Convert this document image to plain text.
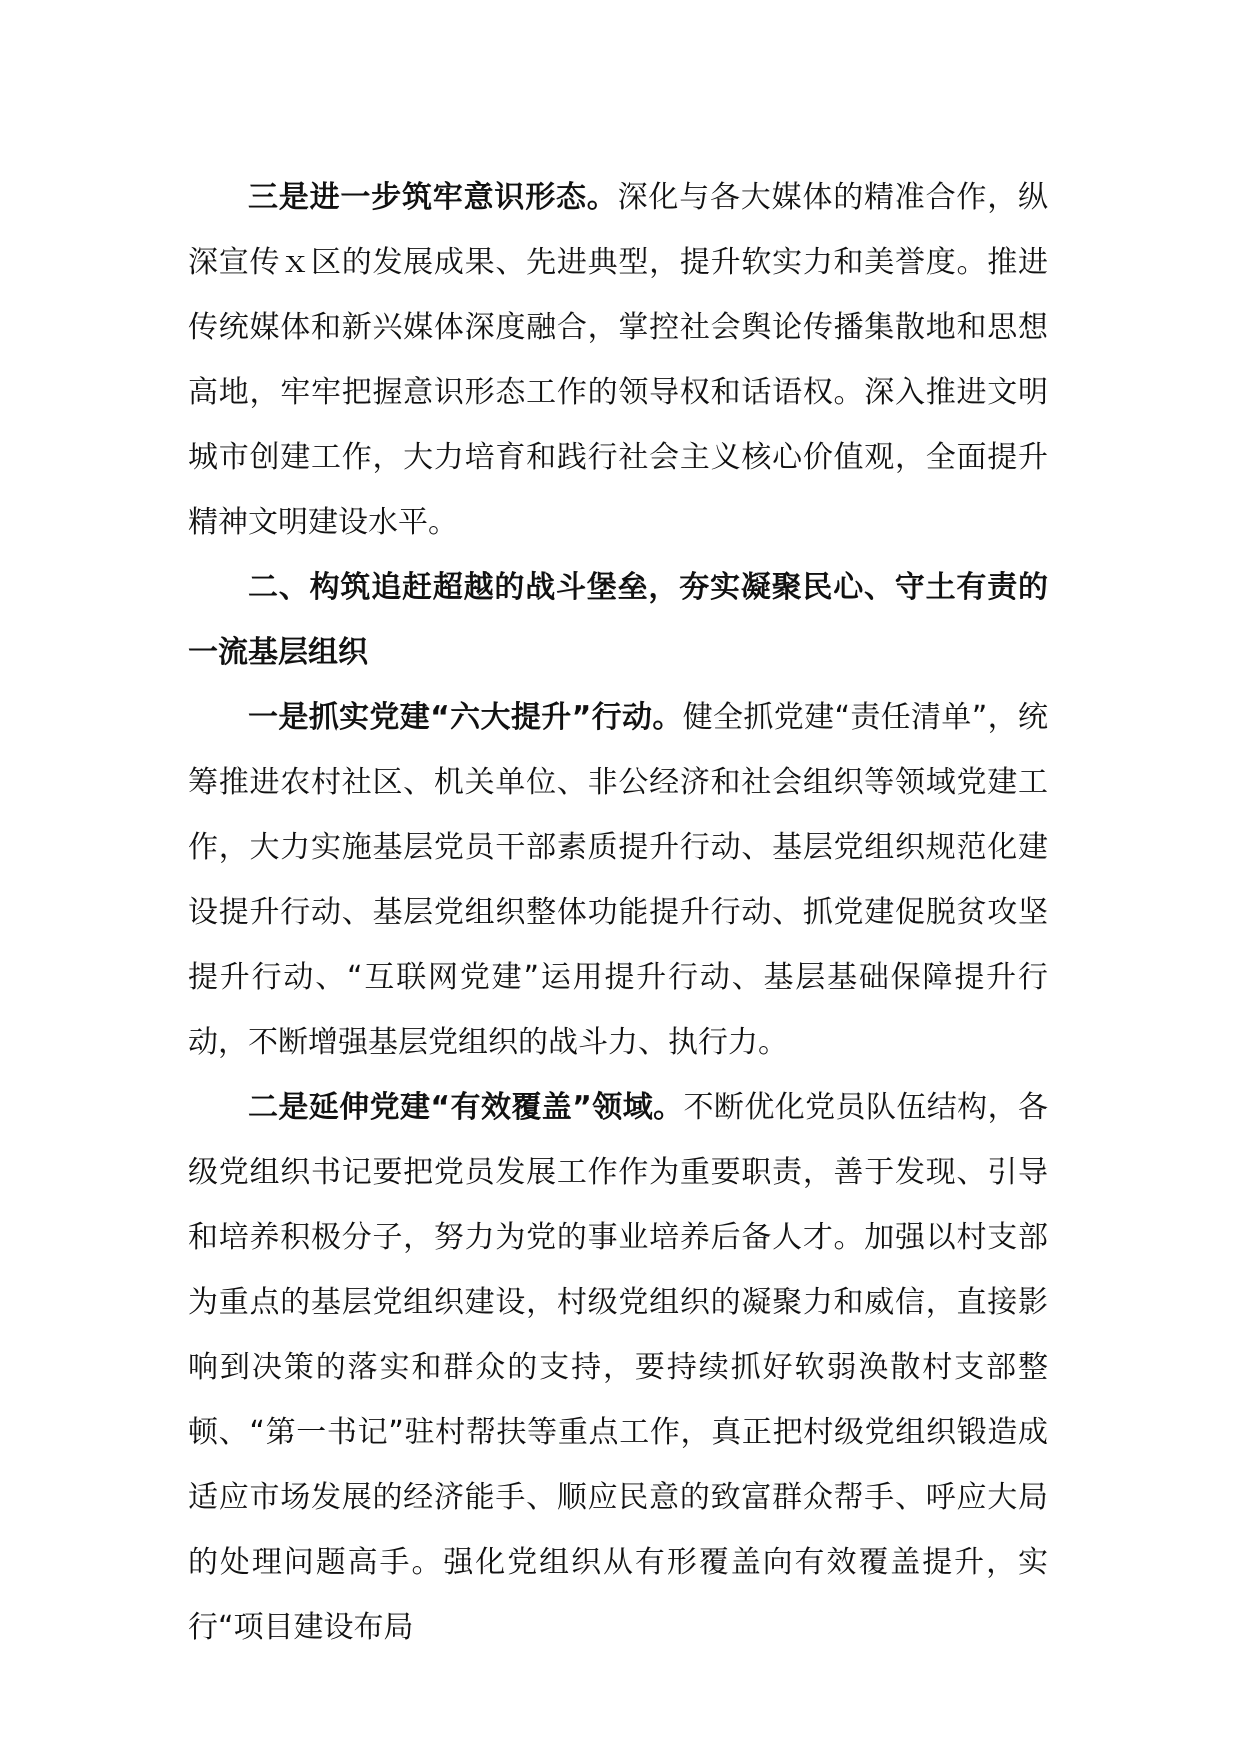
三是进一步筑牢意识形态。深化与各大媒体的精准合作，纵深宣传ｘ区的发展成果、先进典型，提升软实力和美誉度。推进传统媒体和新兴媒体深度融合，掌控社会舆论传播集散地和思想高地，牢牢把握意识形态工作的领导权和话语权。深入推进文明城市创建工作，大力培育和践行社会主义核心价值观，全面提升精神文明建设水平。

二、构筑追赶超越的战斗堡垒，夯实凝聚民心、守土有责的一流基层组织

一是抓实党建“六大提升”行动。健全抓党建“责任清单”，统筹推进农村社区、机关单位、非公经济和社会组织等领域党建工作，大力实施基层党员干部素质提升行动、基层党组织规范化建设提升行动、基层党组织整体功能提升行动、抓党建促脱贫攻坚提升行动、“互联网党建”运用提升行动、基层基础保障提升行动，不断增强基层党组织的战斗力、执行力。

二是延伸党建“有效覆盖”领域。不断优化党员队伍结构，各级党组织书记要把党员发展工作作为重要职责，善于发现、引导和培养积极分子，努力为党的事业培养后备人才。加强以村支部为重点的基层党组织建设，村级党组织的凝聚力和威信，直接影响到决策的落实和群众的支持，要持续抓好软弱涣散村支部整顿、“第一书记”驻村帮扶等重点工作，真正把村级党组织锻造成适应市场发展的经济能手、顺应民意的致富群众帮手、呼应大局的处理问题高手。强化党组织从有形覆盖向有效覆盖提升，实行“项目建设布局
